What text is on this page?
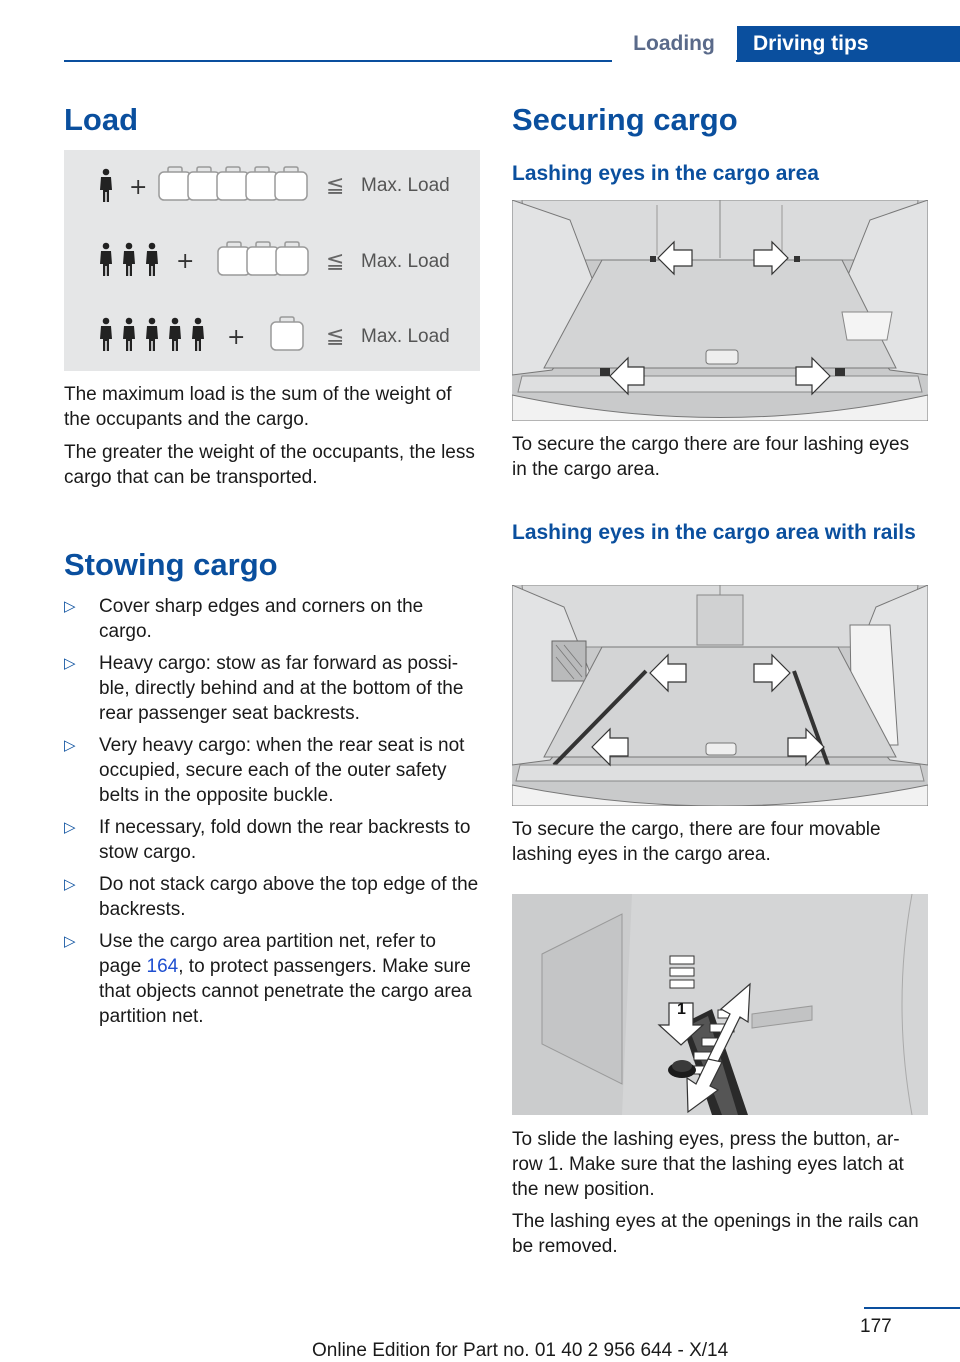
Loading	Driving tips
Load
+	≦ Max. Load
+	≦ Max. Load
+	≦ Max. Load
The maximum load is the sum of the weight of the occupants and the cargo.
The greater the weight of the occupants, the less cargo that can be transported.
Stowing cargo
▷ Cover sharp edges and corners on the cargo.
▷ Heavy cargo: stow as far forward as possi-ble, directly behind and at the bottom of the rear passenger seat backrests.
▷ Very heavy cargo: when the rear seat is not occupied, secure each of the outer safety belts in the opposite buckle.
▷ If necessary, fold down the rear backrests to stow cargo.
▷ Do not stack cargo above the top edge of the backrests.
▷ Use the cargo area partition net, refer to page 164, to protect passengers. Make sure that objects cannot penetrate the cargo area partition net.
Securing cargo
Lashing eyes in the cargo area
To secure the cargo there are four lashing eyes in the cargo area.
Lashing eyes in the cargo area with rails
To secure the cargo, there are four movable lashing eyes in the cargo area.
1
To slide the lashing eyes, press the button, ar-row 1. Make sure that the lashing eyes latch at the new position.
The lashing eyes at the openings in the rails can be removed.
177
Online Edition for Part no. 01 40 2 956 644 - X/14
